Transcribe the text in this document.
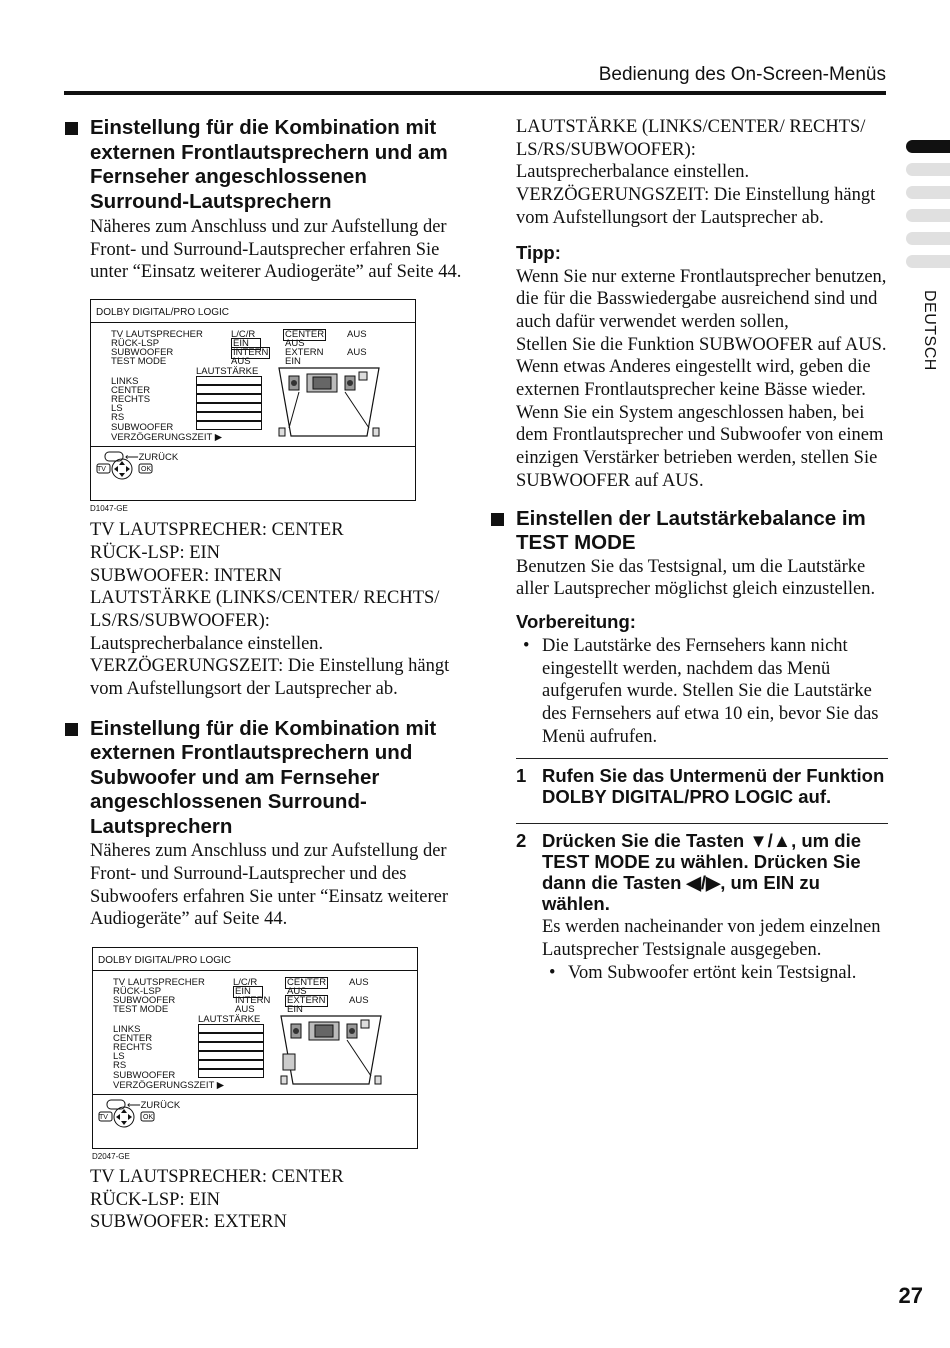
Bedienung des On-Screen-Menüs
DEUTSCH
Einstellung für die Kombination mit externen Frontlautsprechern und am Fernseher angeschlossenen Surround-Lautsprechern

Näheres zum Anschluss und zur Aufstellung der Front- und Surround-Lautsprecher erfahren Sie unter “Einsatz weiterer Audiogeräte” auf Seite 44.

DOLBY DIGITAL/PRO LOGIC
TV LAUTSPRECHER
RÜCK-LSP
SUBWOOFER
TEST MODE
L/C/R
EIN
INTERN
AUS
CENTER
AUS
EXTERN
EIN
AUS
AUS
LAUTSTÄRKE
LINKS
CENTER
RECHTS
LS
RS
SUBWOOFER
VERZÖGERUNGSZEIT ▶
TV	OK
⟵ZURÜCK
D1047-GE

TV LAUTSPRECHER: CENTER

RÜCK-LSP: EIN

SUBWOOFER: INTERN

LAUTSTÄRKE (LINKS/CENTER/ RECHTS/ LS/RS/SUBWOOFER):

Lautsprecherbalance einstellen.

VERZÖGERUNGSZEIT: Die Einstellung hängt vom Aufstellungsort der Lautsprecher ab.

Einstellung für die Kombination mit externen Frontlautsprechern und Subwoofer und am Fernseher angeschlossenen Surround-Lautsprechern

Näheres zum Anschluss und zur Aufstellung der Front- und Surround-Lautsprecher und des Subwoofers erfahren Sie unter “Einsatz weiterer Audiogeräte” auf Seite 44.

DOLBY DIGITAL/PRO LOGIC
TV LAUTSPRECHER
RÜCK-LSP
SUBWOOFER
TEST MODE
L/C/R
EIN
INTERN
AUS
CENTER
AUS
EXTERN
EIN
AUS
AUS
LAUTSTÄRKE
LINKS
CENTER
RECHTS
LS
RS
SUBWOOFER
VERZÖGERUNGSZEIT ▶
TV	OK
⟵ZURÜCK
D2047-GE

TV LAUTSPRECHER: CENTER

RÜCK-LSP: EIN

SUBWOOFER: EXTERN

LAUTSTÄRKE (LINKS/CENTER/ RECHTS/ LS/RS/SUBWOOFER):

Lautsprecherbalance einstellen.

VERZÖGERUNGSZEIT: Die Einstellung hängt vom Aufstellungsort der Lautsprecher ab.

Tipp:

Wenn Sie nur externe Frontlautsprecher benutzen, die für die Basswiedergabe ausreichend sind und auch dafür verwendet werden sollen,

Stellen Sie die Funktion SUBWOOFER auf AUS. Wenn etwas Anderes eingestellt wird, geben die externen Frontlautsprecher keine Bässe wieder.

Wenn Sie ein System angeschlossen haben, bei dem Frontlautsprecher und Subwoofer von einem einzigen Verstärker betrieben werden, stellen Sie SUBWOOFER auf AUS.

Einstellen der Lautstärkebalance im TEST MODE

Benutzen Sie das Testsignal, um die Lautstärke aller Lautsprecher möglichst gleich einzustellen.

Vorbereitung:

• Die Lautstärke des Fernsehers kann nicht eingestellt werden, nachdem das Menü aufgerufen wurde. Stellen Sie die Lautstärke des Fernsehers auf etwa 10 ein, bevor Sie das Menü aufrufen.

1 Rufen Sie das Untermenü der Funktion DOLBY DIGITAL/PRO LOGIC auf.
2 Drücken Sie die Tasten ▼/▲, um die TEST MODE zu wählen. Drücken Sie dann die Tasten ◀/▶, um EIN zu wählen.

Es werden nacheinander von jedem einzelnen Lautsprecher Testsignale ausgegeben.

• Vom Subwoofer ertönt kein Testsignal.

27
